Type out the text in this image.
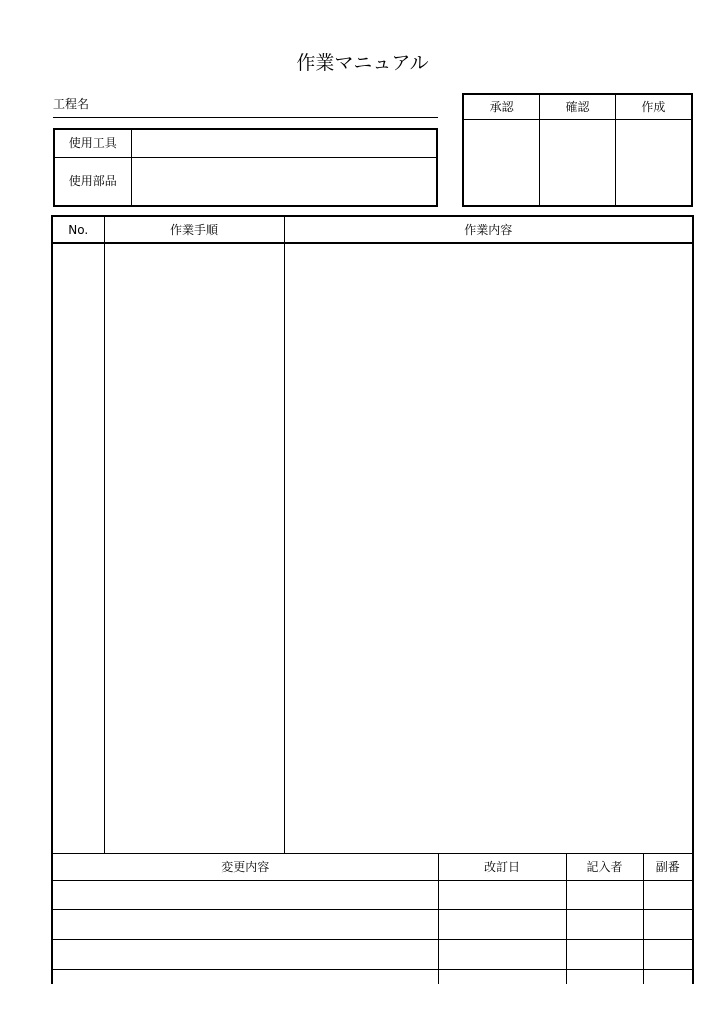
作業マニュアル
工程名
使用工具	
使用部品	
承認	確認	作成

No.	作業手順	作業内容

変更内容	改訂日	記入者	副番
